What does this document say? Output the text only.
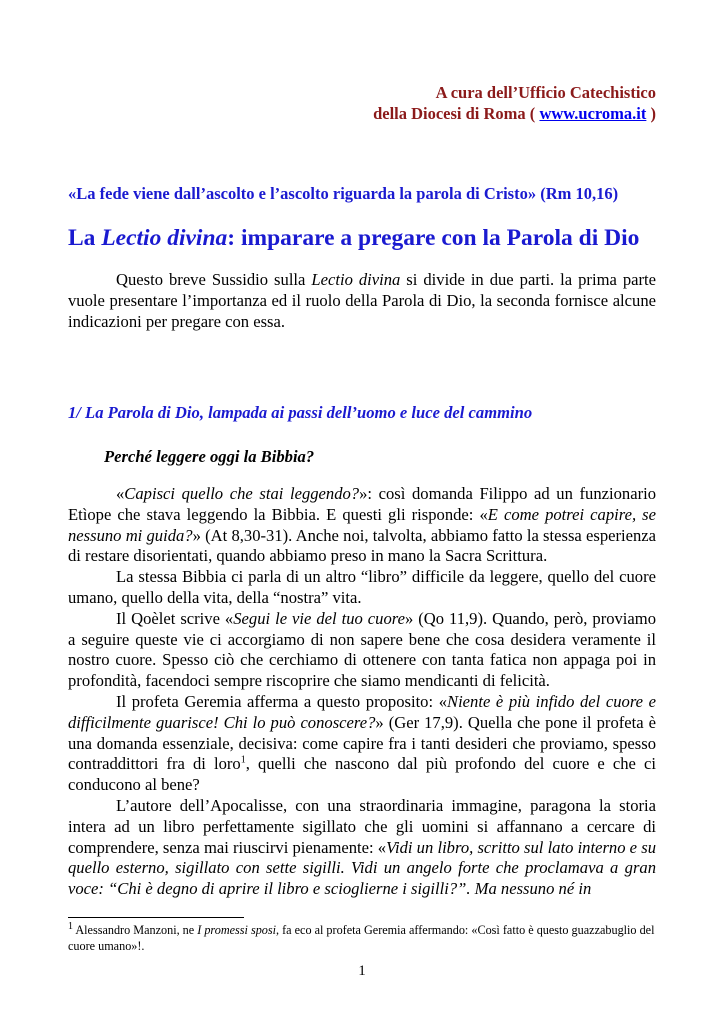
A cura dell’Ufficio Catechistico
della Diocesi di Roma ( www.ucroma.it )
«La fede viene dall’ascolto e l’ascolto riguarda la parola di Cristo» (Rm 10,16)
La Lectio divina: imparare a pregare con la Parola di Dio

Questo breve Sussidio sulla Lectio divina si divide in due parti. la prima parte vuole presentare l’importanza ed il ruolo della Parola di Dio, la seconda fornisce alcune indicazioni per pregare con essa.

1/ La Parola di Dio, lampada ai passi dell’uomo e luce del cammino
Perché leggere oggi la Bibbia?

«Capisci quello che stai leggendo?»: così domanda Filippo ad un funzionario Etìope che stava leggendo la Bibbia. E questi gli risponde: «E come potrei capire, se nessuno mi guida?» (At 8,30-31). Anche noi, talvolta, abbiamo fatto la stessa esperienza di restare disorientati, quando abbiamo preso in mano la Sacra Scrittura.

La stessa Bibbia ci parla di un altro “libro” difficile da leggere, quello del cuore umano, quello della vita, della “nostra” vita.

Il Qoèlet scrive «Segui le vie del tuo cuore» (Qo 11,9). Quando, però, proviamo a seguire queste vie ci accorgiamo di non sapere bene che cosa desidera veramente il nostro cuore. Spesso ciò che cerchiamo di ottenere con tanta fatica non appaga poi in profondità, facendoci sempre riscoprire che siamo mendicanti di felicità.

Il profeta Geremia afferma a questo proposito: «Niente è più infido del cuore e difficilmente guarisce! Chi lo può conoscere?» (Ger 17,9). Quella che pone il profeta è una domanda essenziale, decisiva: come capire fra i tanti desideri che proviamo, spesso contraddittori fra di loro$^1$, quelli che nascono dal più profondo del cuore e che ci conducono al bene?

L’autore dell’Apocalisse, con una straordinaria immagine, paragona la storia intera ad un libro perfettamente sigillato che gli uomini si affannano a cercare di comprendere, senza mai riuscirvi pienamente: «Vidi un libro, scritto sul lato interno e su quello esterno, sigillato con sette sigilli. Vidi un angelo forte che proclamava a gran voce: “Chi è degno di aprire il libro e scioglierne i sigilli?”. Ma nessuno né in

$^1$ Alessandro Manzoni, ne I promessi sposi, fa eco al profeta Geremia affermando: «Così fatto è questo guazzabuglio del cuore umano»!.
1
